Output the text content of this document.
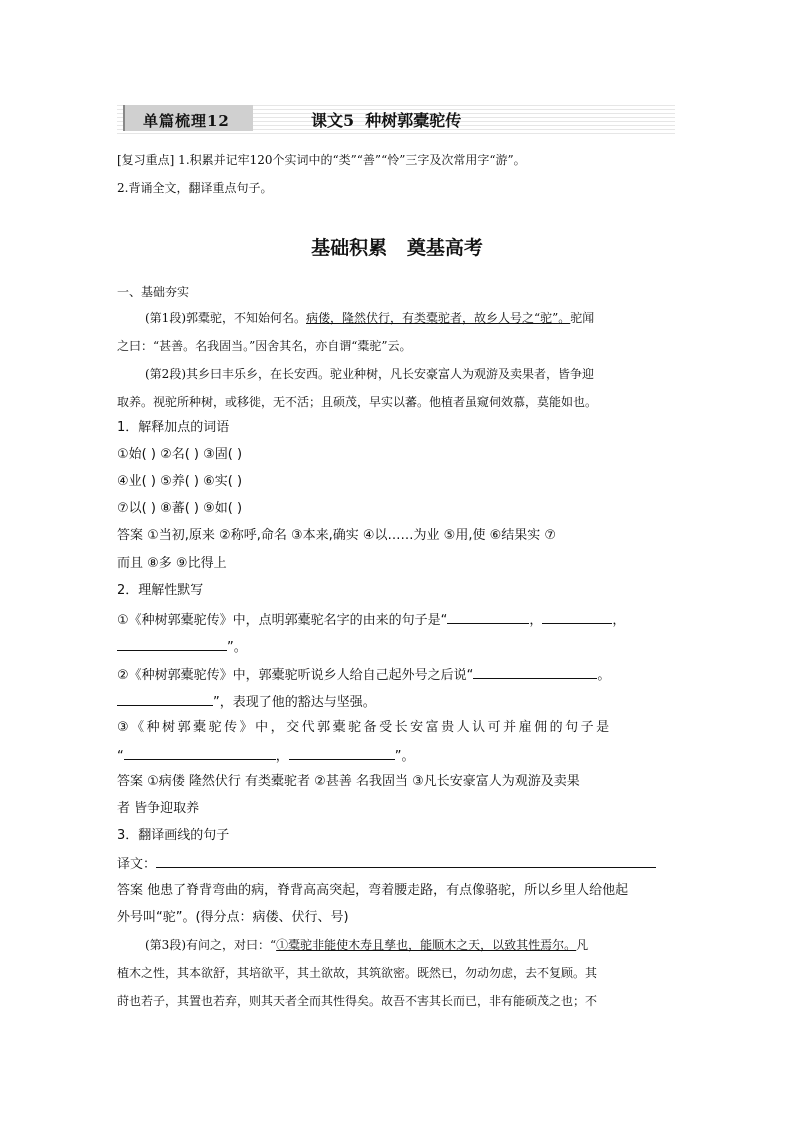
单篇梳理12	课文5  种树郭橐驼传
[复习重点] 1.积累并记牢120个实词中的“类”“善”“怜”三字及次常用字“游”。
2.背诵全文，翻译重点句子。
基础积累   奠基高考
一、基础夯实
(第1段)郭橐驼，不知始何名。病偻，隆然伏行，有类橐驼者，故乡人号之“驼”。驼闻
之曰：“甚善。名我固当。”因舍其名，亦自谓“橐驼”云。
(第2段)其乡曰丰乐乡，在长安西。驼业种树，凡长安豪富人为观游及卖果者，皆争迎
取养。视驼所种树，或移徙，无不活；且硕茂，早实以蕃。他植者虽窥伺效慕，莫能如也。
1．解释加点的词语
①始( ) ②名( ) ③固( )
④业( ) ⑤养( ) ⑥实( )
⑦以( ) ⑧蕃( ) ⑨如( )
答案 ①当初,原来 ②称呼,命名 ③本来,确实 ④以……为业 ⑤用,使 ⑥结果实 ⑦
而且 ⑧多 ⑨比得上
2．理解性默写
①《种树郭橐驼传》中，点明郭橐驼名字的由来的句子是“	，	，
”。
②《种树郭橐驼传》中，郭橐驼听说乡人给自己起外号之后说“	。
”，表现了他的豁达与坚强。
③《种树郭橐驼传》中，交代郭橐驼备受长安富贵人认可并雇佣的句子是
“	，	”。
答案 ①病偻 隆然伏行 有类橐驼者 ②甚善 名我固当 ③凡长安豪富人为观游及卖果
者 皆争迎取养
3．翻译画线的句子
译文：
答案 他患了脊背弯曲的病，脊背高高突起，弯着腰走路，有点像骆驼，所以乡里人给他起
外号叫“驼”。(得分点：病偻、伏行、号)
(第3段)有问之，对曰：“①橐驼非能使木寿且孳也，能顺木之天，以致其性焉尔。凡
植木之性，其本欲舒，其培欲平，其土欲故，其筑欲密。既然已，勿动勿虑，去不复顾。其
莳也若子，其置也若弃，则其天者全而其性得矣。故吾不害其长而已，非有能硕茂之也；不
